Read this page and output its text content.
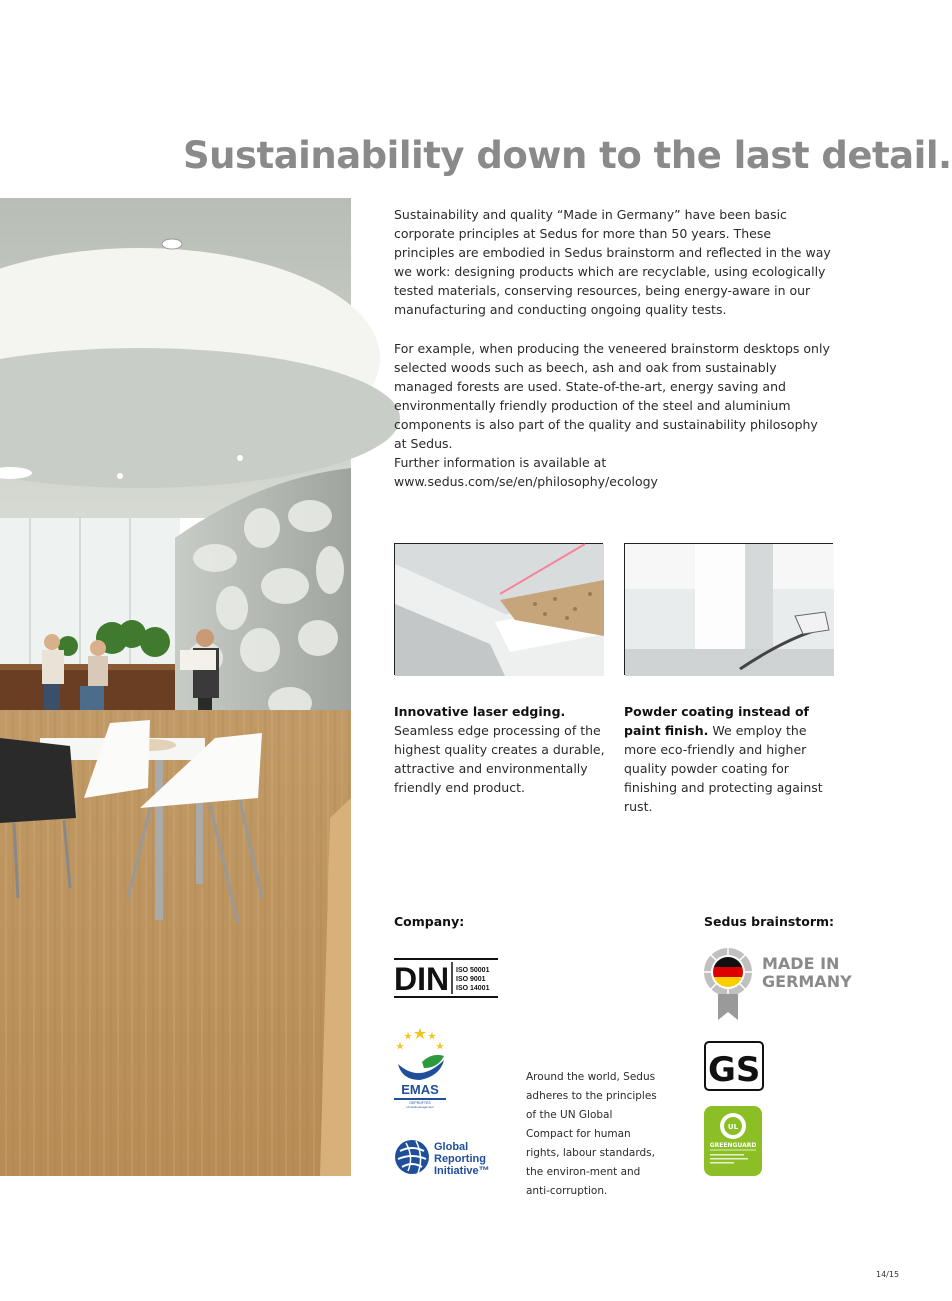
Sustainability down to the last detail.

Sustainability and quality “Made in Germany” have been basic corporate principles at Sedus for more than 50 years. These principles are embodied in Sedus brainstorm and reflected in the way we work: designing products which are recyclable, using ecologically tested materials, conserving resources, being energy-aware in our manufacturing and conducting ongoing quality tests.

For example, when producing the veneered brainstorm desktops only selected woods such as beech, ash and oak from sustainably managed forests are used. State-of-the-art, energy saving and environmentally friendly production of the steel and aluminium components is also part of the quality and sustainability philosophy at Sedus.

Further information is available at www.sedus.com/se/en/philosophy/ecology

Innovative laser edging.
Seamless edge processing of the highest quality creates a durable, attractive and environmentally friendly end product.
Powder coating instead of paint finish. We employ the more eco-friendly and higher quality powder coating for finishing and protecting against rust.
Company:	Sedus brainstorm:
DIN ISO 50001
ISO 9001
ISO 14001
EMAS
GEPRÜFTES
Umweltmanagement
Global
Reporting
Initiative™

Around the world, Sedus adheres to the principles of the UN Global Compact for human rights, labour standards, the environ-ment and anti-corruption.

MADE IN
GERMANY
GS
UL
GREENGUARD
14/15
